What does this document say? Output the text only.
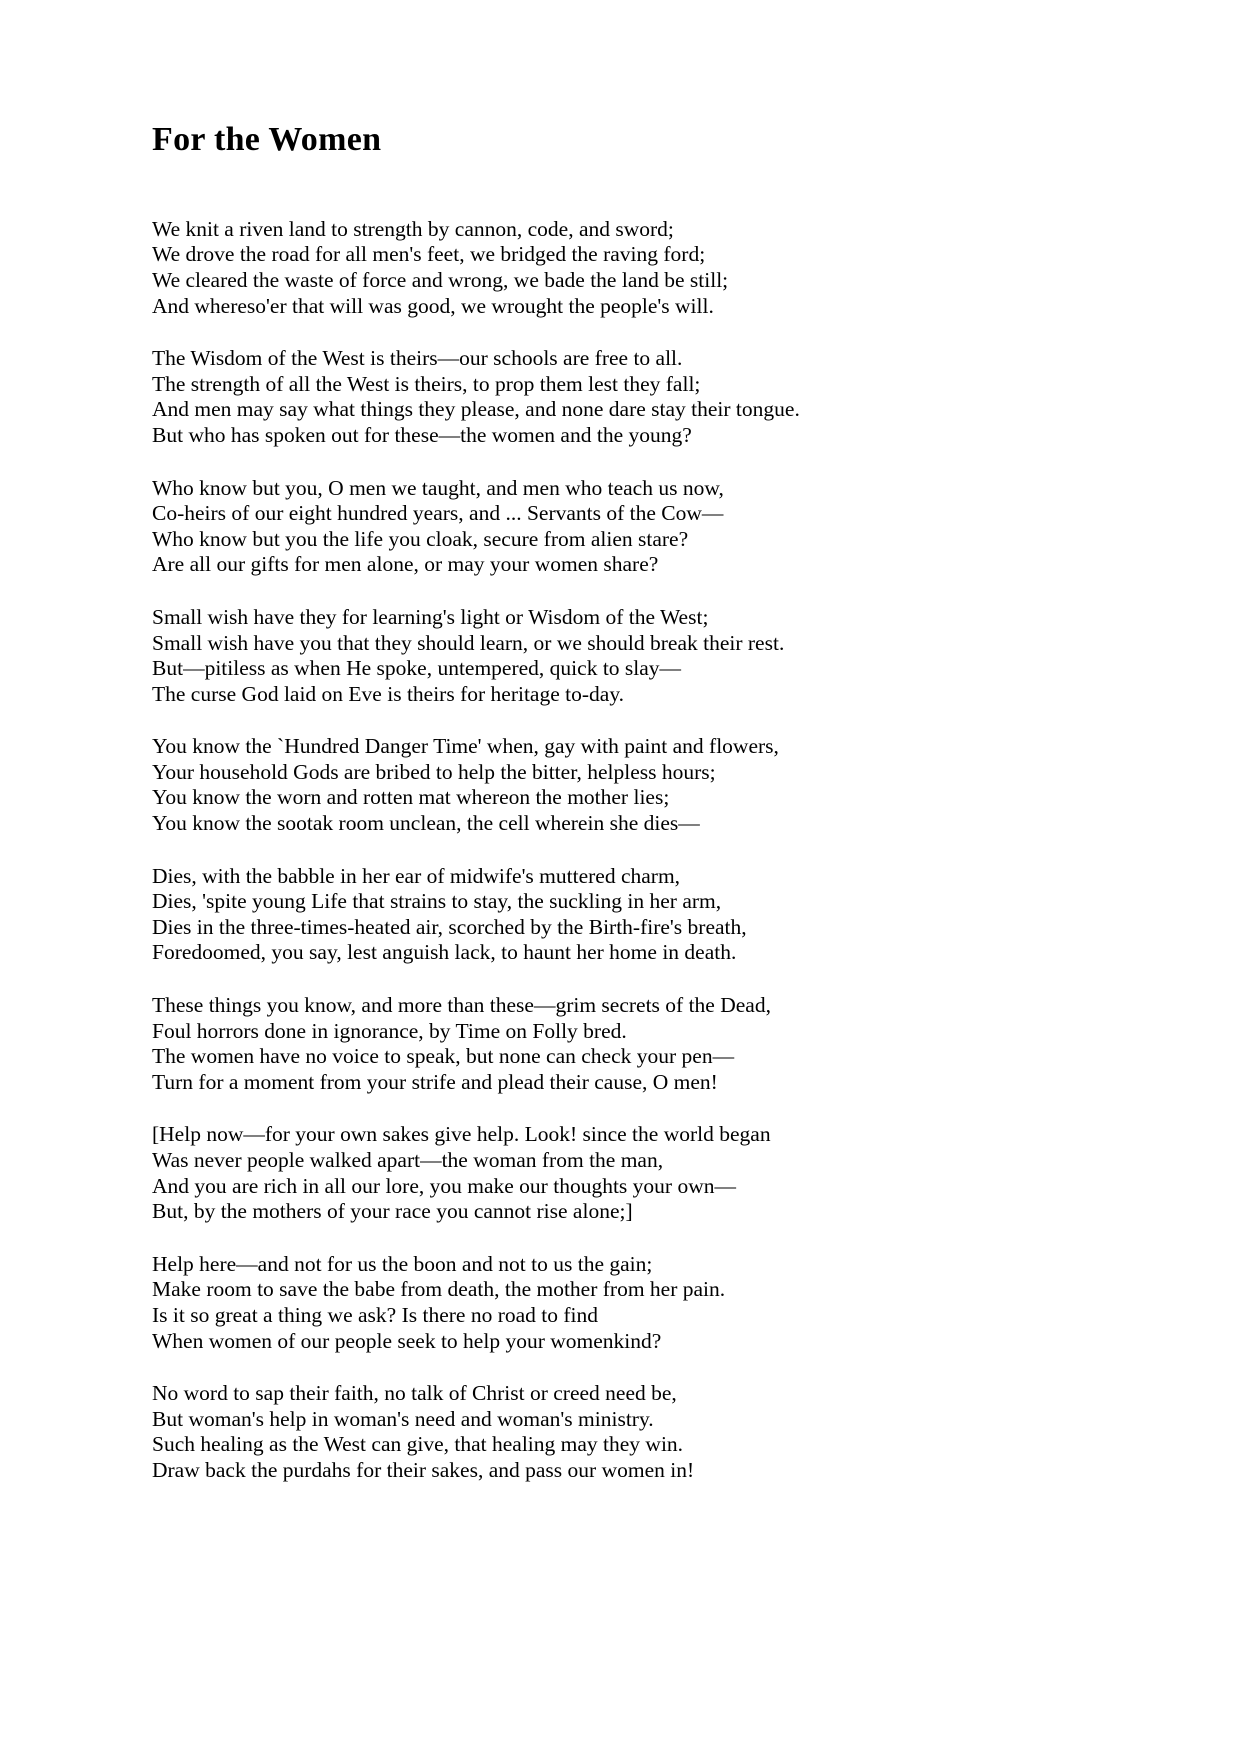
For the Women
We knit a riven land to strength by cannon, code, and sword;
We drove the road for all men's feet, we bridged the raving ford;
We cleared the waste of force and wrong, we bade the land be still;
And whereso'er that will was good, we wrought the people's will.
The Wisdom of the West is theirs—our schools are free to all.
The strength of all the West is theirs, to prop them lest they fall;
And men may say what things they please, and none dare stay their tongue.
But who has spoken out for these—the women and the young?
Who know but you, O men we taught, and men who teach us now,
Co-heirs of our eight hundred years, and ... Servants of the Cow—
Who know but you the life you cloak, secure from alien stare?
Are all our gifts for men alone, or may your women share?
Small wish have they for learning's light or Wisdom of the West;
Small wish have you that they should learn, or we should break their rest.
But—pitiless as when He spoke, untempered, quick to slay—
The curse God laid on Eve is theirs for heritage to-day.
You know the `Hundred Danger Time' when, gay with paint and flowers,
Your household Gods are bribed to help the bitter, helpless hours;
You know the worn and rotten mat whereon the mother lies;
You know the sootak room unclean, the cell wherein she dies—
Dies, with the babble in her ear of midwife's muttered charm,
Dies, 'spite young Life that strains to stay, the suckling in her arm,
Dies in the three-times-heated air, scorched by the Birth-fire's breath,
Foredoomed, you say, lest anguish lack, to haunt her home in death.
These things you know, and more than these—grim secrets of the Dead,
Foul horrors done in ignorance, by Time on Folly bred.
The women have no voice to speak, but none can check your pen—
Turn for a moment from your strife and plead their cause, O men!
[Help now—for your own sakes give help. Look! since the world began
Was never people walked apart—the woman from the man,
And you are rich in all our lore, you make our thoughts your own—
But, by the mothers of your race you cannot rise alone;]
Help here—and not for us the boon and not to us the gain;
Make room to save the babe from death, the mother from her pain.
Is it so great a thing we ask? Is there no road to find
When women of our people seek to help your womenkind?
No word to sap their faith, no talk of Christ or creed need be,
But woman's help in woman's need and woman's ministry.
Such healing as the West can give, that healing may they win.
Draw back the purdahs for their sakes, and pass our women in!
